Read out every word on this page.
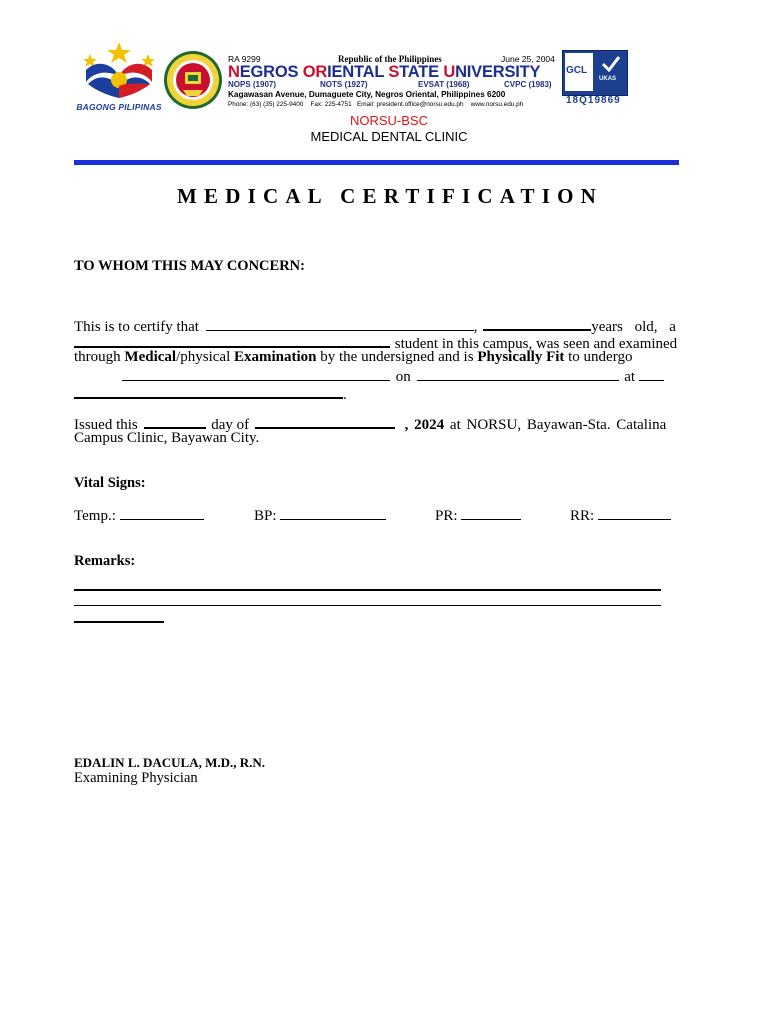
BAGONG PILIPINAS
RA 9299	Republic of the Philippines	June 25, 2004
NEGROS ORIENTAL STATE UNIVERSITY
NOPS (1907)	NOTS (1927)	EVSAT (1968)	CVPC (1983)
Kagawasan Avenue, Dumaguete City, Negros Oriental, Philippines 6200
Phone: (63) (35) 225-9400 Fax: 225-4751 Email: president.office@norsu.edu.ph www.norsu.edu.ph
GCL
UKAS
ISO 9001
18Q19869
NORSU-BSC
MEDICAL DENTAL CLINIC
MEDICAL CERTIFICATION
TO WHOM THIS MAY CONCERN:
This is to certify that	,	years old, a
student in this campus, was seen and examined
through Medical/physical Examination by the undersigned and is Physically Fit to undergo
on	at
.
Issued this	day of	, 2024 at NORSU, Bayawan-Sta. Catalina
Campus Clinic, Bayawan City.
Vital Signs:
Temp.:	BP:	PR:	RR:
Remarks:
EDALIN L. DACULA, M.D., R.N.
Examining Physician
